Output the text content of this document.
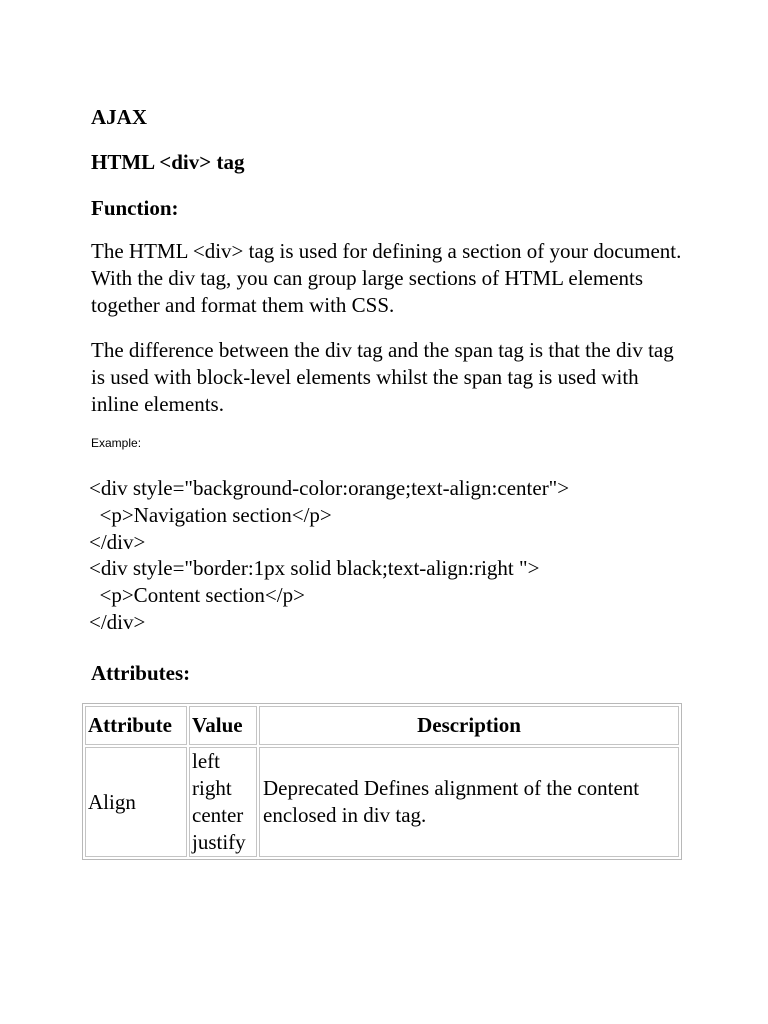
AJAX

HTML <div> tag

Function:

The HTML <div> tag is used for defining a section of your document. With the div tag, you can group large sections of HTML elements together and format them with CSS.

The difference between the div tag and the span tag is that the div tag is used with block-level elements whilst the span tag is used with inline elements.

Example:

<div style="background-color:orange;text-align:center">

<p>Navigation section</p>

</div>

<div style="border:1px solid black;text-align:right ">

<p>Content section</p>

</div>

Attributes:

Attribute	Value	Description
Align	left
right
center
justify	Deprecated Defines alignment of the content enclosed in div tag.
